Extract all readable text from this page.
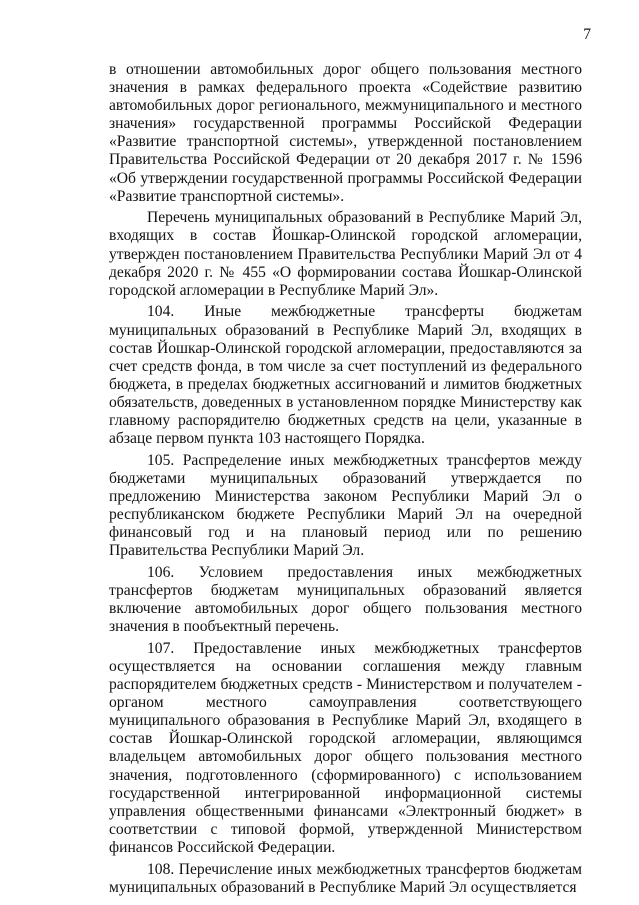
7

в отношении автомобильных дорог общего пользования местного значения в рамках федерального проекта «Содействие развитию автомобильных дорог регионального, межмуниципального и местного значения» государственной программы Российской Федерации «Развитие транспортной системы», утвержденной постановлением Правительства Российской Федерации от 20 декабря 2017 г. № 1596 «Об утверждении государственной программы Российской Федерации «Развитие транспортной системы».

Перечень муниципальных образований в Республике Марий Эл, входящих в состав Йошкар-Олинской городской агломерации, утвержден постановлением Правительства Республики Марий Эл от 4 декабря 2020 г. № 455 «О формировании состава Йошкар-Олинской городской агломерации в Республике Марий Эл».

104. Иные межбюджетные трансферты бюджетам муниципальных образований в Республике Марий Эл, входящих в состав Йошкар-Олинской городской агломерации, предоставляются за счет средств фонда, в том числе за счет поступлений из федерального бюджета, в пределах бюджетных ассигнований и лимитов бюджетных обязательств, доведенных в установленном порядке Министерству как главному распорядителю бюджетных средств на цели, указанные в абзаце первом пункта 103 настоящего Порядка.

105. Распределение иных межбюджетных трансфертов между бюджетами муниципальных образований утверждается по предложению Министерства законом Республики Марий Эл о республиканском бюджете Республики Марий Эл на очередной финансовый год и на плановый период или по решению Правительства Республики Марий Эл.

106. Условием предоставления иных межбюджетных трансфертов бюджетам муниципальных образований является включение автомобильных дорог общего пользования местного значения в пообъектный перечень.

107. Предоставление иных межбюджетных трансфертов осуществляется на основании соглашения между главным распорядителем бюджетных средств - Министерством и получателем - органом местного самоуправления соответствующего муниципального образования в Республике Марий Эл, входящего в состав Йошкар-Олинской городской агломерации, являющимся владельцем автомобильных дорог общего пользования местного значения, подготовленного (сформированного) с использованием государственной интегрированной информационной системы управления общественными финансами «Электронный бюджет» в соответствии с типовой формой, утвержденной Министерством финансов Российской Федерации.

108. Перечисление иных межбюджетных трансфертов бюджетам муниципальных образований в Республике Марий Эл осуществляется
